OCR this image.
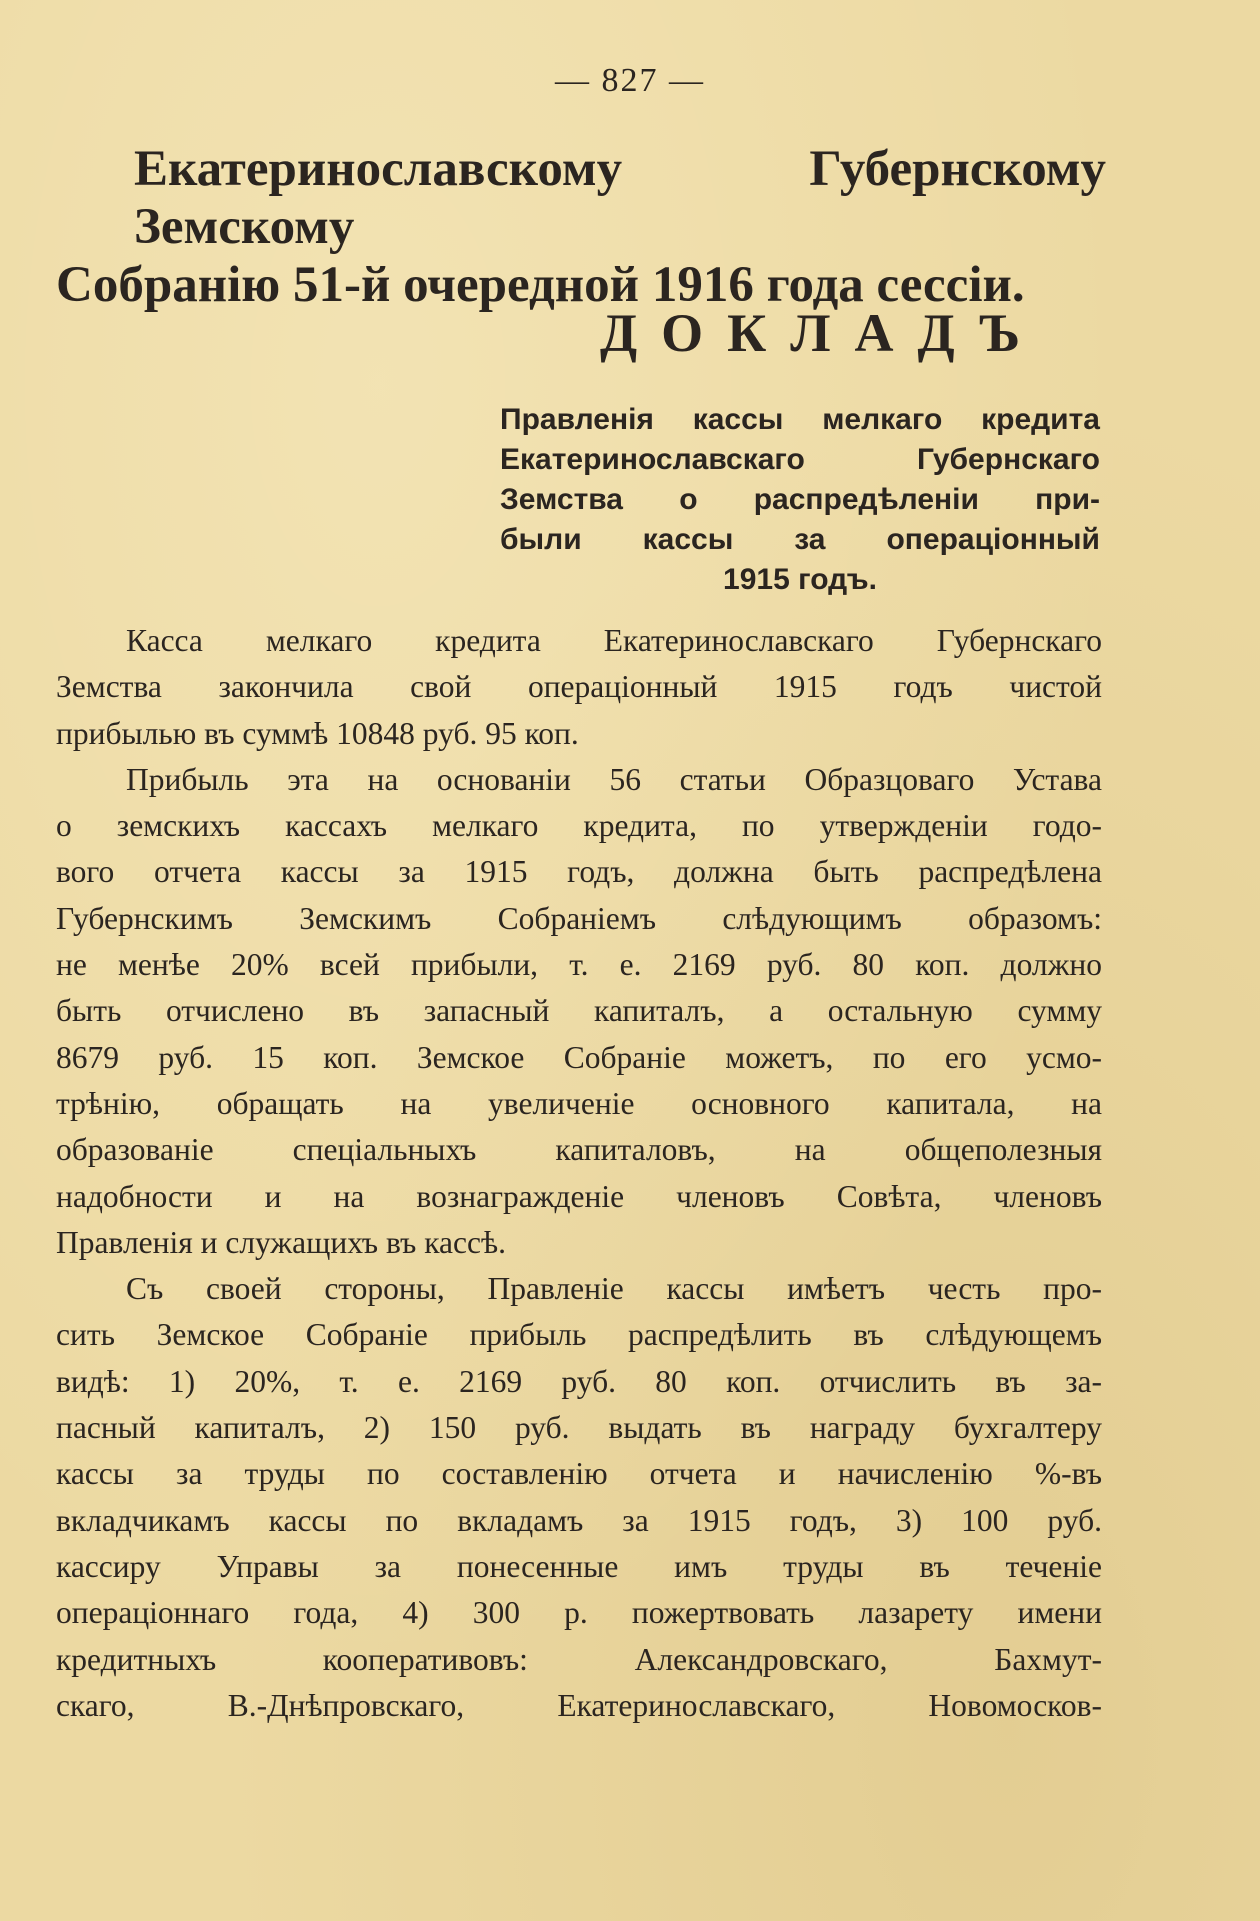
— 827 —
Екатеринославскому Губернскому Земскому
Собранію 51-й очередной 1916 года сессіи.
ДОКЛАДЪ
Правленія кассы мелкаго кредита
Екатеринославскаго Губернскаго
Земства о распредѣленіи при-
были кассы за операціонный
1915 годъ.
Касса мелкаго кредита Екатеринославскаго Губернскаго
Земства закончила свой операціонный 1915 годъ чистой
прибылью въ суммѣ 10848 руб. 95 коп.
Прибыль эта на основаніи 56 статьи Образцоваго Устава
о земскихъ кассахъ мелкаго кредита, по утвержденіи годо-
вого отчета кассы за 1915 годъ, должна быть распредѣлена
Губернскимъ Земскимъ Собраніемъ слѣдующимъ образомъ:
не менѣе 20% всей прибыли, т. е. 2169 руб. 80 коп. должно
быть отчислено въ запасный капиталъ, а остальную сумму
8679 руб. 15 коп. Земское Собраніе можетъ, по его усмо-
трѣнію, обращать на увеличеніе основного капитала, на
образованіе спеціальныхъ капиталовъ, на общеполезныя
надобности и на вознагражденіе членовъ Совѣта, членовъ
Правленія и служащихъ въ кассѣ.
Съ своей стороны, Правленіе кассы имѣетъ честь про-
сить Земское Собраніе прибыль распредѣлить въ слѣдующемъ
видѣ: 1) 20%, т. е. 2169 руб. 80 коп. отчислить въ за-
пасный капиталъ, 2) 150 руб. выдать въ награду бухгалтеру
кассы за труды по составленію отчета и начисленію %-въ
вкладчикамъ кассы по вкладамъ за 1915 годъ, 3) 100 руб.
кассиру Управы за понесенные имъ труды въ теченіе
операціоннаго года, 4) 300 р. пожертвовать лазарету имени
кредитныхъ кооперативовъ: Александровскаго, Бахмут-
скаго, В.-Днѣпровскаго, Екатеринославскаго, Новомосков-
